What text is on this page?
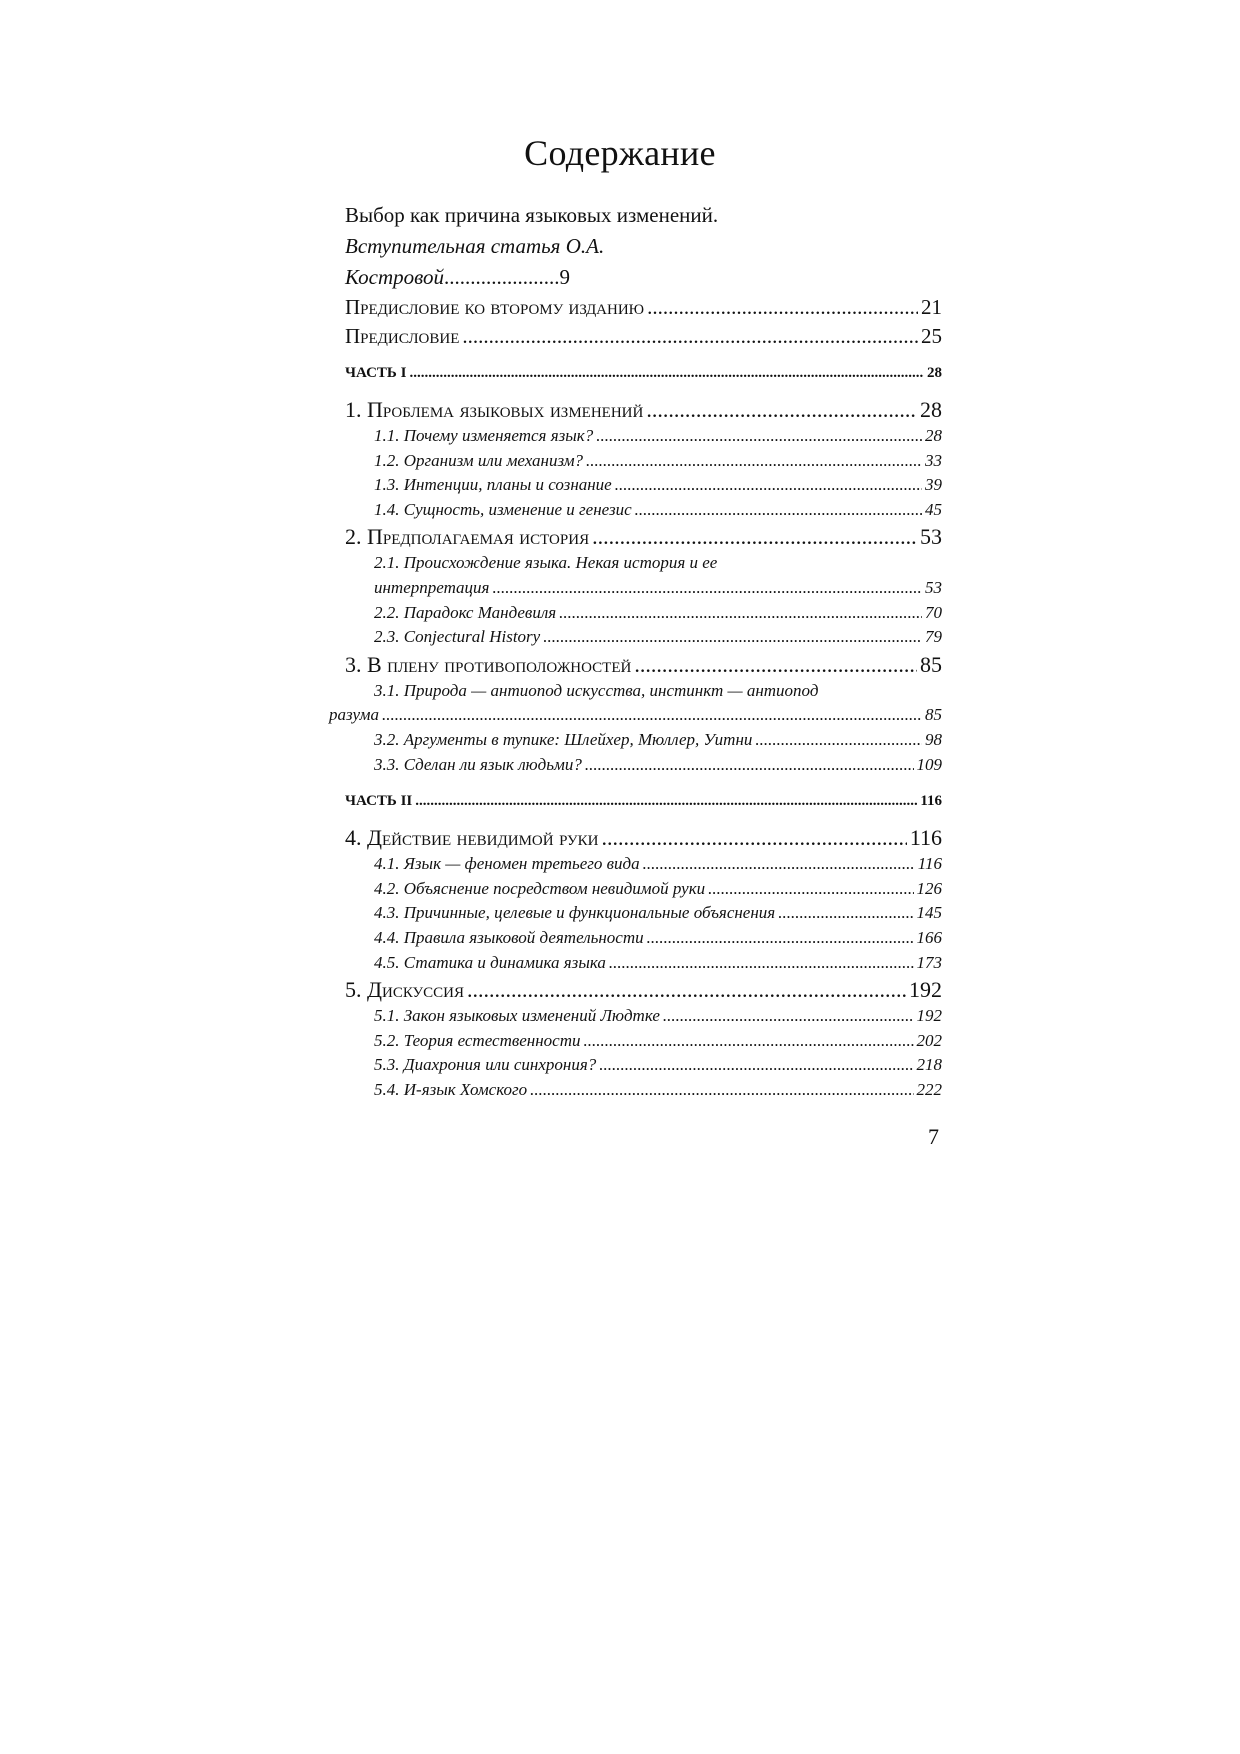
Содержание
Выбор как причина языковых изменений.
Вступительная статья О.А.
Костровой......................9
Предисловие ко второму изданию .....	21
Предисловие .....	25
ЧАСТЬ I .....	28
1. Проблема языковых изменений .....	28
1.1. Почему изменяется язык? .....	28
1.2. Организм или механизм? .....	33
1.3. Интенции, планы и сознание .....	39
1.4. Сущность, изменение и генезис .....	45
2. Предполагаемая история .....	53
2.1. Происхождение языка. Некая история и ее
интерпретация .....	53
2.2. Парадокс Мандевиля .....	70
2.3. Conjectural History .....	79
3. В плену противоположностей .....	85
3.1. Природа — антиопод искусства, инстинкт — антиопод
разума .....	85
3.2. Аргументы в тупике: Шлейхер, Мюллер, Уитни .....	98
3.3. Сделан ли язык людьми? .....	109
ЧАСТЬ II .....	116
4. Действие невидимой руки .....	116
4.1. Язык — феномен третьего вида .....	116
4.2. Объяснение посредством невидимой руки .....	126
4.3. Причинные, целевые и функциональные объяснения .....	145
4.4. Правила языковой деятельности .....	166
4.5. Статика и динамика языка .....	173
5. Дискуссия .....	192
5.1. Закон языковых изменений Людтке .....	192
5.2. Теория естественности .....	202
5.3. Диахрония или синхрония? .....	218
5.4. И-язык Хомского .....	222
7
